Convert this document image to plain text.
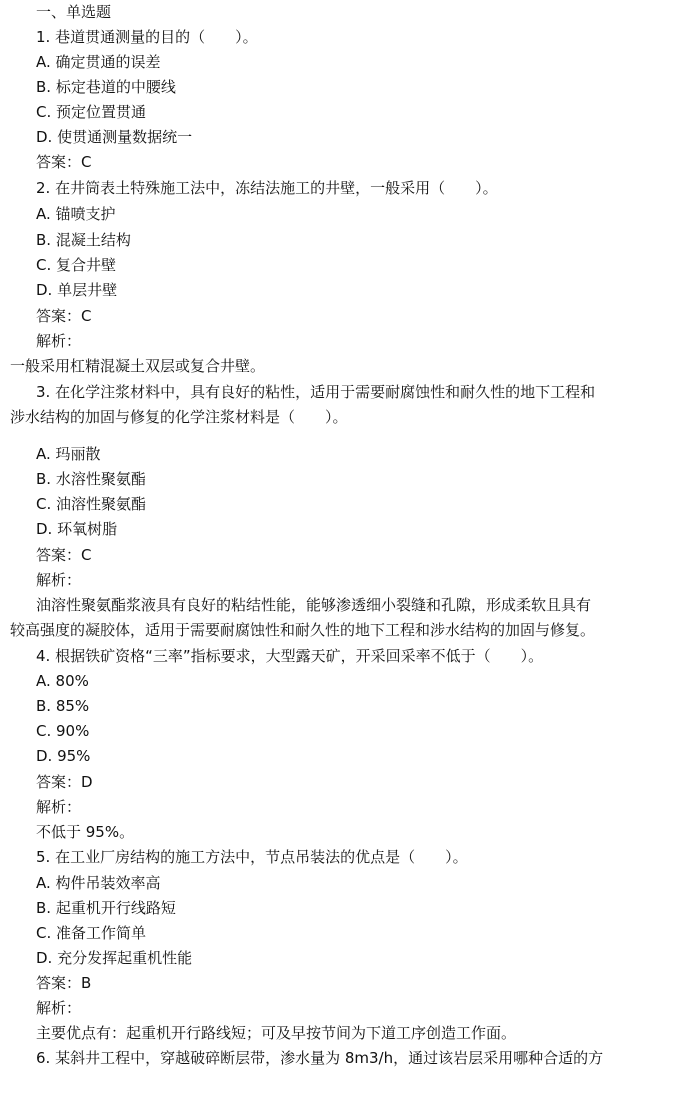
一、单选题
1. 巷道贯通测量的目的（　　）。
A. 确定贯通的误差
B. 标定巷道的中腰线
C. 预定位置贯通
D. 使贯通测量数据统一
答案：C
2. 在井筒表土特殊施工法中，冻结法施工的井壁，一般采用（　　）。
A. 锚喷支护
B. 混凝土结构
C. 复合井壁
D. 单层井壁
答案：C
解析：
一般采用杠精混凝土双层或复合井壁。
3. 在化学注浆材料中，具有良好的粘性，适用于需要耐腐蚀性和耐久性的地下工程和
涉水结构的加固与修复的化学注浆材料是（　　）。
A. 玛丽散
B. 水溶性聚氨酯
C. 油溶性聚氨酯
D. 环氧树脂
答案：C
解析：
油溶性聚氨酯浆液具有良好的粘结性能，能够渗透细小裂缝和孔隙，形成柔软且具有
较高强度的凝胶体，适用于需要耐腐蚀性和耐久性的地下工程和涉水结构的加固与修复。
4. 根据铁矿资格“三率”指标要求，大型露天矿，开采回采率不低于（　　）。
A. 80%
B. 85%
C. 90%
D. 95%
答案：D
解析：
不低于 95%。
5. 在工业厂房结构的施工方法中，节点吊装法的优点是（　　）。
A. 构件吊装效率高
B. 起重机开行线路短
C. 准备工作简单
D. 充分发挥起重机性能
答案：B
解析：
主要优点有：起重机开行路线短；可及早按节间为下道工序创造工作面。
6. 某斜井工程中，穿越破碎断层带，渗水量为 8m3/h，通过该岩层采用哪种合适的方
